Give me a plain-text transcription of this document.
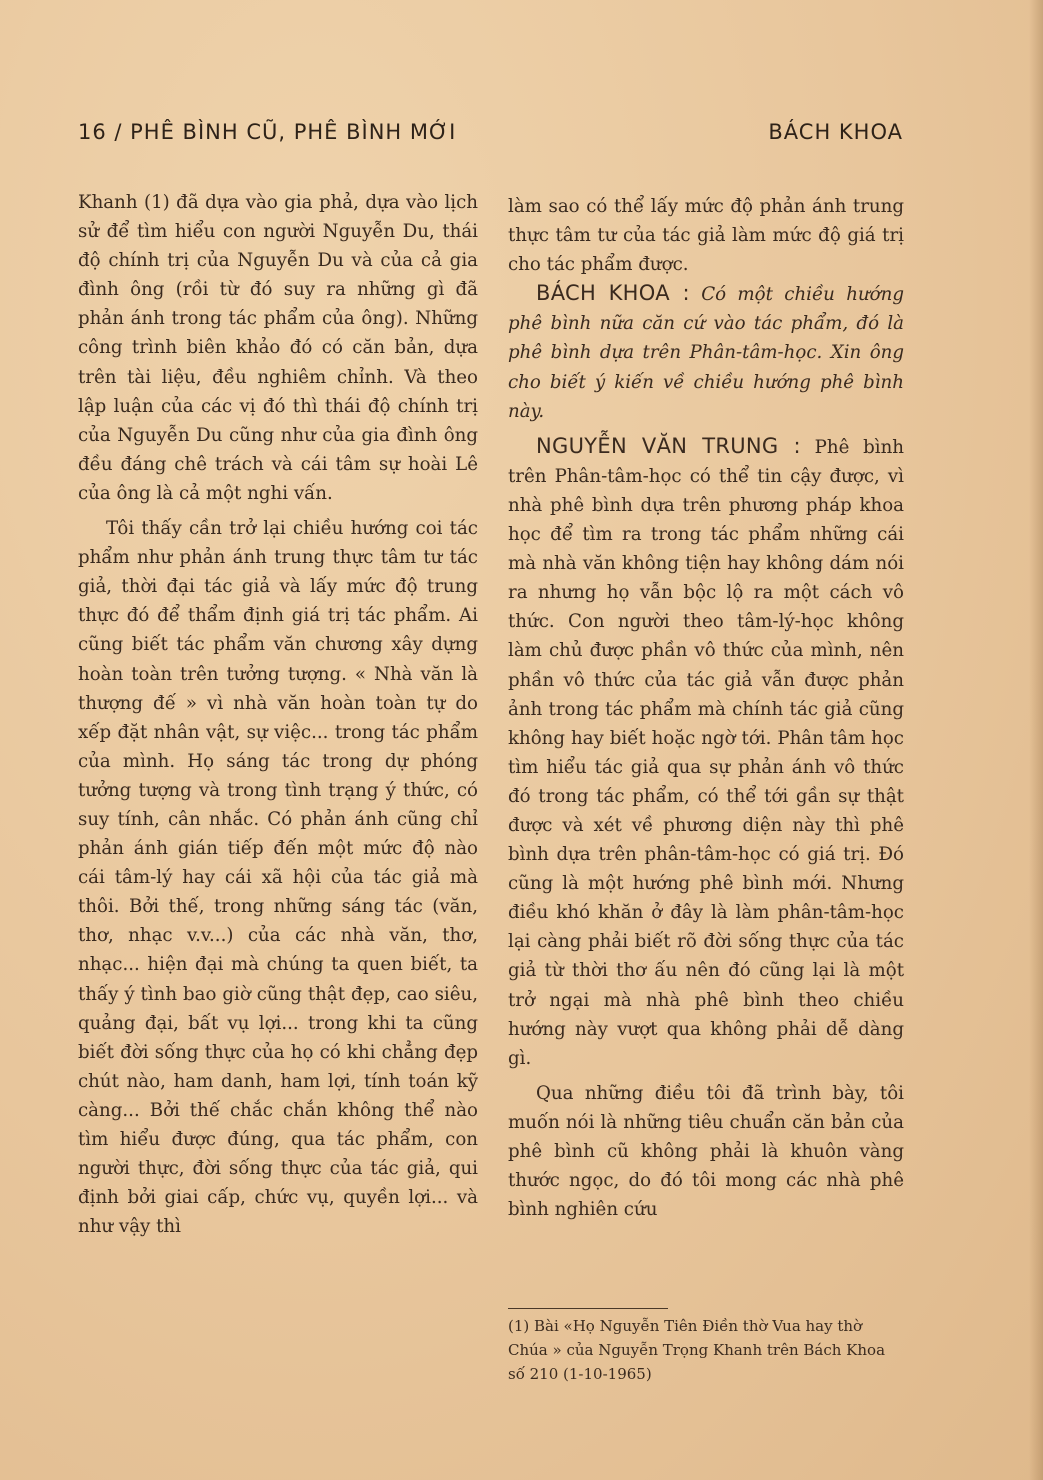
16 / PHÊ BÌNH CŨ, PHÊ BÌNH MỚI	BÁCH KHOA

Khanh (1) đã dựa vào gia phả, dựa vào lịch sử để tìm hiểu con người Nguyễn Du, thái độ chính trị của Nguyễn Du và của cả gia đình ông (rồi từ đó suy ra những gì đã phản ánh trong tác phẩm của ông). Những công trình biên khảo đó có căn bản, dựa trên tài liệu, đều nghiêm chỉnh. Và theo lập luận của các vị đó thì thái độ chính trị của Nguyễn Du cũng như của gia đình ông đều đáng chê trách và cái tâm sự hoài Lê của ông là cả một nghi vấn.

Tôi thấy cần trở lại chiều hướng coi tác phẩm như phản ánh trung thực tâm tư tác giả, thời đại tác giả và lấy mức độ trung thực đó để thẩm định giá trị tác phẩm. Ai cũng biết tác phẩm văn chương xây dựng hoàn toàn trên tưởng tượng. « Nhà văn là thượng đế » vì nhà văn hoàn toàn tự do xếp đặt nhân vật, sự việc... trong tác phẩm của mình. Họ sáng tác trong dự phóng tưởng tượng và trong tình trạng ý thức, có suy tính, cân nhắc. Có phản ánh cũng chỉ phản ánh gián tiếp đến một mức độ nào cái tâm-lý hay cái xã hội của tác giả mà thôi. Bởi thế, trong những sáng tác (văn, thơ, nhạc v.v...) của các nhà văn, thơ, nhạc... hiện đại mà chúng ta quen biết, ta thấy ý tình bao giờ cũng thật đẹp, cao siêu, quảng đại, bất vụ lợi... trong khi ta cũng biết đời sống thực của họ có khi chẳng đẹp chút nào, ham danh, ham lợi, tính toán kỹ càng... Bởi thế chắc chắn không thể nào tìm hiểu được đúng, qua tác phẩm, con người thực, đời sống thực của tác giả, qui định bởi giai cấp, chức vụ, quyền lợi... và như vậy thì

làm sao có thể lấy mức độ phản ánh trung thực tâm tư của tác giả làm mức độ giá trị cho tác phẩm được.

BÁCH KHOA : Có một chiều hướng phê bình nữa căn cứ vào tác phẩm, đó là phê bình dựa trên Phân-tâm-học. Xin ông cho biết ý kiến về chiều hướng phê bình này.

NGUYỄN VĂN TRUNG : Phê bình trên Phân-tâm-học có thể tin cậy được, vì nhà phê bình dựa trên phương pháp khoa học để tìm ra trong tác phẩm những cái mà nhà văn không tiện hay không dám nói ra nhưng họ vẫn bộc lộ ra một cách vô thức. Con người theo tâm-lý-học không làm chủ được phần vô thức của mình, nên phần vô thức của tác giả vẫn được phản ảnh trong tác phẩm mà chính tác giả cũng không hay biết hoặc ngờ tới. Phân tâm học tìm hiểu tác giả qua sự phản ánh vô thức đó trong tác phẩm, có thể tới gần sự thật được và xét về phương diện này thì phê bình dựa trên phân-tâm-học có giá trị. Đó cũng là một hướng phê bình mới. Nhưng điều khó khăn ở đây là làm phân-tâm-học lại càng phải biết rõ đời sống thực của tác giả từ thời thơ ấu nên đó cũng lại là một trở ngại mà nhà phê bình theo chiều hướng này vượt qua không phải dễ dàng gì.

Qua những điều tôi đã trình bày, tôi muốn nói là những tiêu chuẩn căn bản của phê bình cũ không phải là khuôn vàng thước ngọc, do đó tôi mong các nhà phê bình nghiên cứu

(1) Bài «Họ Nguyễn Tiên Điền thờ Vua hay thờ Chúa » của Nguyễn Trọng Khanh trên Bách Khoa số 210 (1-10-1965)
